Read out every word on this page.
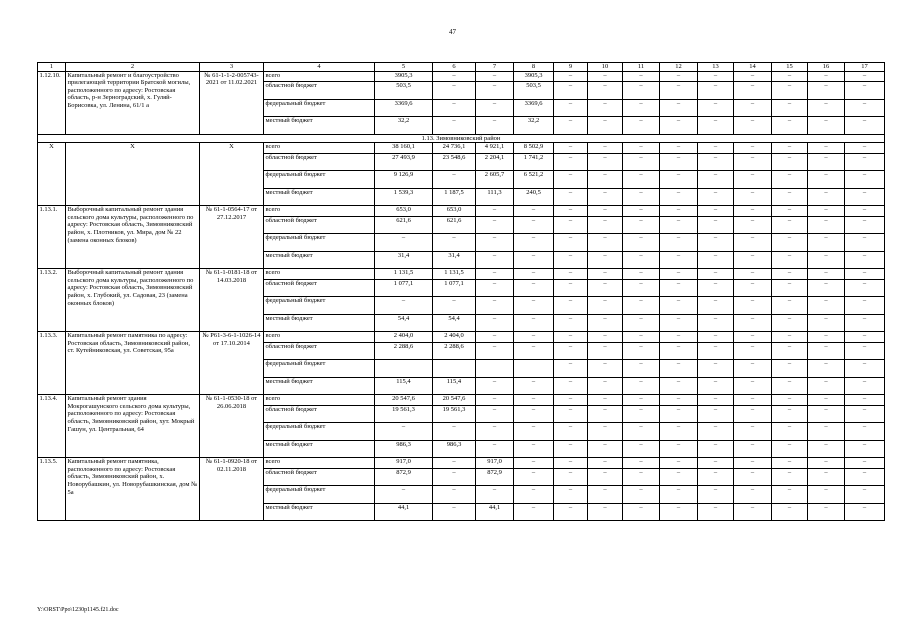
47
1	2	3	4	5	6	7	8	9	10	11	12	13	14	15	16	17
1.12.10.	Капитальный ремонт и благоустройство прилегающей территории Братской могилы, расположенного по адресу: Ростовская область, р-н Зерноградский, х. Гуляй-Борисовка, ул. Ленина, 61/1 а	№ 61-1-1-2-005743-2021 от 11.02.2021	всего	3905,3	–	–	3905,3	–	–	–	–	–	–	–	–	–
			областной бюджет	503,5	–	–	503,5	–	–	–	–	–	–	–	–	–
			федеральный бюджет	3369,6	–	–	3369,6	–	–	–	–	–	–	–	–	–
			местный бюджет	32,2	–	–	32,2	–	–	–	–	–	–	–	–	–
1.13. Зимовниковский район																
Х	Х	Х	всего	38 160,1	24 736,1	4 921,1	8 502,9	–	–	–	–	–	–	–	–	–
			областной бюджет	27 493,9	23 548,6	2 204,1	1 741,2	–	–	–	–	–	–	–	–	–
			федеральный бюджет	9 126,9	–	2 605,7	6 521,2	–	–	–	–	–	–	–	–	–
			местный бюджет	1 539,3	1 187,5	111,3	240,5	–	–	–	–	–	–	–	–	–
1.13.1.	Выборочный капитальный ремонт здания сельского дома культуры, расположенного по адресу: Ростовская область, Зимовниковский район, х. Плотников, ул. Мира, дом № 22 (замена оконных блоков)	№ 61-1-0564-17 от 27.12.2017	всего	653,0	653,0	–	–	–	–	–	–	–	–	–	–	–
			областной бюджет	621,6	621,6	–	–	–	–	–	–	–	–	–	–	–
			федеральный бюджет	–	–	–	–	–	–	–	–	–	–	–	–	–
			местный бюджет	31,4	31,4	–	–	–	–	–	–	–	–	–	–	–
1.13.2.	Выборочный капитальный ремонт здания сельского дома культуры, расположенного по адресу: Ростовская область, Зимовниковский район, х. Глубокий, ул. Садовая, 23 (замена оконных блоков)	№ 61-1-0181-18 от 14.03.2018	всего	1 131,5	1 131,5	–	–	–	–	–	–	–	–	–	–	–
			областной бюджет	1 077,1	1 077,1	–	–	–	–	–	–	–	–	–	–	–
			федеральный бюджет	–	–	–	–	–	–	–	–	–	–	–	–	–
			местный бюджет	54,4	54,4	–	–	–	–	–	–	–	–	–	–	–
1.13.3.	Капитальный ремонт памятника по адресу: Ростовская область, Зимовниковский район, ст. Кутейниковская, ул. Советская, 95а	№ Р61-3-6-1-1026-14 от 17.10.2014	всего	2 404,0	2 404,0	–	–	–	–	–	–	–	–	–	–	–
			областной бюджет	2 288,6	2 288,6	–	–	–	–	–	–	–	–	–	–	–
			федеральный бюджет					–	–	–	–	–	–	–	–	–
			местный бюджет	115,4	115,4	–	–	–	–	–	–	–	–	–	–	–
1.13.4.	Капитальный ремонт здания Мокрогашунского сельского дома культуры, расположенного по адресу: Ростовская область, Зимовниковский район, хут. Мокрый Гашун, ул. Центральная, 64	№ 61-1-0530-18 от 26.06.2018	всего	20 547,6	20 547,6	–	–	–	–	–	–	–	–	–	–	–
			областной бюджет	19 561,3	19 561,3	–	–	–	–	–	–	–	–	–	–	–
			федеральный бюджет	–	–	–	–	–	–	–	–	–	–	–	–	–
			местный бюджет	986,3	986,3	–	–	–	–	–	–	–	–	–	–	–
1.13.5.	Капитальный ремонт памятника, расположенного по адресу: Ростовская область, Зимовниковский район, х. Новорубашкин, ул. Новорубашкинская, дом № 5а	№ 61-1-0920-18 от 02.11.2018	всего	917,0	–	917,0	–	–	–	–	–	–	–	–	–	–
			областной бюджет	872,9	–	872,9	–	–	–	–	–	–	–	–	–	–
			федеральный бюджет	–	–	–	–	–	–	–	–	–	–	–	–	–
			местный бюджет	44,1	–	44,1	–	–	–	–	–	–	–	–	–	–
Y:\ORST\Ppo\1230p1145.f21.doc
